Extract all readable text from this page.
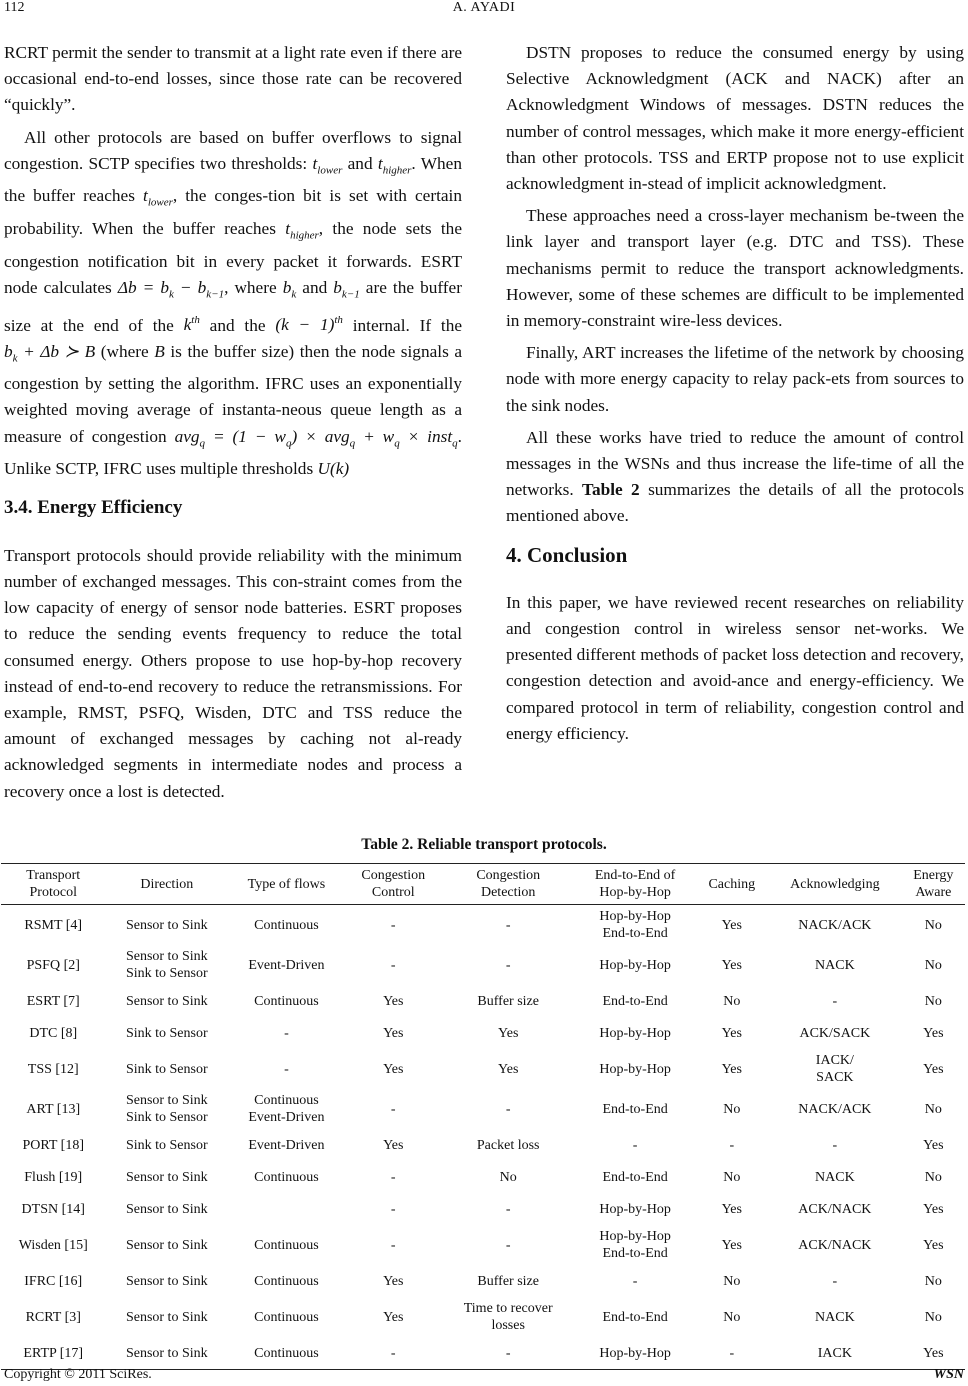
112	A. AYADI

RCRT permit the sender to transmit at a light rate even if there are occasional end-to-end losses, since those rate can be recovered “quickly”.

All other protocols are based on buffer overflows to signal congestion. SCTP specifies two thresholds: $t_{lower}$ and $t_{higher}$. When the buffer reaches $t_{lower}$, the conges-tion bit is set with certain probability. When the buffer reaches $t_{higher}$, the node sets the congestion notification bit in every packet it forwards. ESRT node calculates $\Delta b = b_k - b_{k-1}$, where $b_k$ and $b_{k-1}$ are the buffer size at the end of the $k^{th}$ and the $(k - 1)^{th}$ internal. If the $b_k + \Delta b$ ≻ B (where B is the buffer size) then the node signals a congestion by setting the algorithm. IFRC uses an exponentially weighted moving average of instanta-neous queue length as a measure of congestion $avg_q = (1 - w_q) \times avg_q + w_q$ × inst$_q$. Unlike SCTP, IFRC uses multiple thresholds U(k)

3.4. Energy Efficiency

Transport protocols should provide reliability with the minimum number of exchanged messages. This con-straint comes from the low capacity of energy of sensor node batteries. ESRT proposes to reduce the sending events frequency to reduce the total consumed energy. Others propose to use hop-by-hop recovery instead of end-to-end recovery to reduce the retransmissions. For example, RMST, PSFQ, Wisden, DTC and TSS reduce the amount of exchanged messages by caching not al-ready acknowledged segments in intermediate nodes and process a recovery once a lost is detected.

DSTN proposes to reduce the consumed energy by using Selective Acknowledgment (ACK and NACK) after an Acknowledgment Windows of messages. DSTN reduces the number of control messages, which make it more energy-efficient than other protocols. TSS and ERTP propose not to use explicit acknowledgment in-stead of implicit acknowledgment.

These approaches need a cross-layer mechanism be-tween the link layer and transport layer (e.g. DTC and TSS). These mechanisms permit to reduce the transport acknowledgments. However, some of these schemes are difficult to be implemented in memory-constraint wire-less devices.

Finally, ART increases the lifetime of the network by choosing node with more energy capacity to relay pack-ets from sources to the sink nodes.

All these works have tried to reduce the amount of control messages in the WSNs and thus increase the life-time of all the networks. Table 2 summarizes the details of all the protocols mentioned above.

4. Conclusion

In this paper, we have reviewed recent researches on reliability and congestion control in wireless sensor net-works. We presented different methods of packet loss detection and recovery, congestion detection and avoid-ance and energy-efficiency. We compared protocol in term of reliability, congestion control and energy efficiency.

Table 2. Reliable transport protocols.
Transport
Protocol	Direction	Type of flows	Congestion
Control	Congestion
Detection	End-to-End of
Hop-by-Hop	Caching	Acknowledging	Energy
Aware
RSMT [4]	Sensor to Sink	Continuous	-	-	Hop-by-Hop
End-to-End	Yes	NACK/ACK	No
PSFQ [2]	Sensor to Sink
Sink to Sensor	Event-Driven	-	-	Hop-by-Hop	Yes	NACK	No
ESRT [7]	Sensor to Sink	Continuous	Yes	Buffer size	End-to-End	No	-	No
DTC [8]	Sink to Sensor	-	Yes	Yes	Hop-by-Hop	Yes	ACK/SACK	Yes
TSS [12]	Sink to Sensor	-	Yes	Yes	Hop-by-Hop	Yes	IACK/
SACK	Yes
ART [13]	Sensor to Sink
Sink to Sensor	Continuous
Event-Driven	-	-	End-to-End	No	NACK/ACK	No
PORT [18]	Sink to Sensor	Event-Driven	Yes	Packet loss	-	-	-	Yes
Flush [19]	Sensor to Sink	Continuous	-	No	End-to-End	No	NACK	No
DTSN [14]	Sensor to Sink		-	-	Hop-by-Hop	Yes	ACK/NACK	Yes
Wisden [15]	Sensor to Sink	Continuous	-	-	Hop-by-Hop
End-to-End	Yes	ACK/NACK	Yes
IFRC [16]	Sensor to Sink	Continuous	Yes	Buffer size	-	No	-	No
RCRT [3]	Sensor to Sink	Continuous	Yes	Time to recover
losses	End-to-End	No	NACK	No
ERTP [17]	Sensor to Sink	Continuous	-	-	Hop-by-Hop	-	IACK	Yes
Copyright © 2011 SciRes.	WSN
